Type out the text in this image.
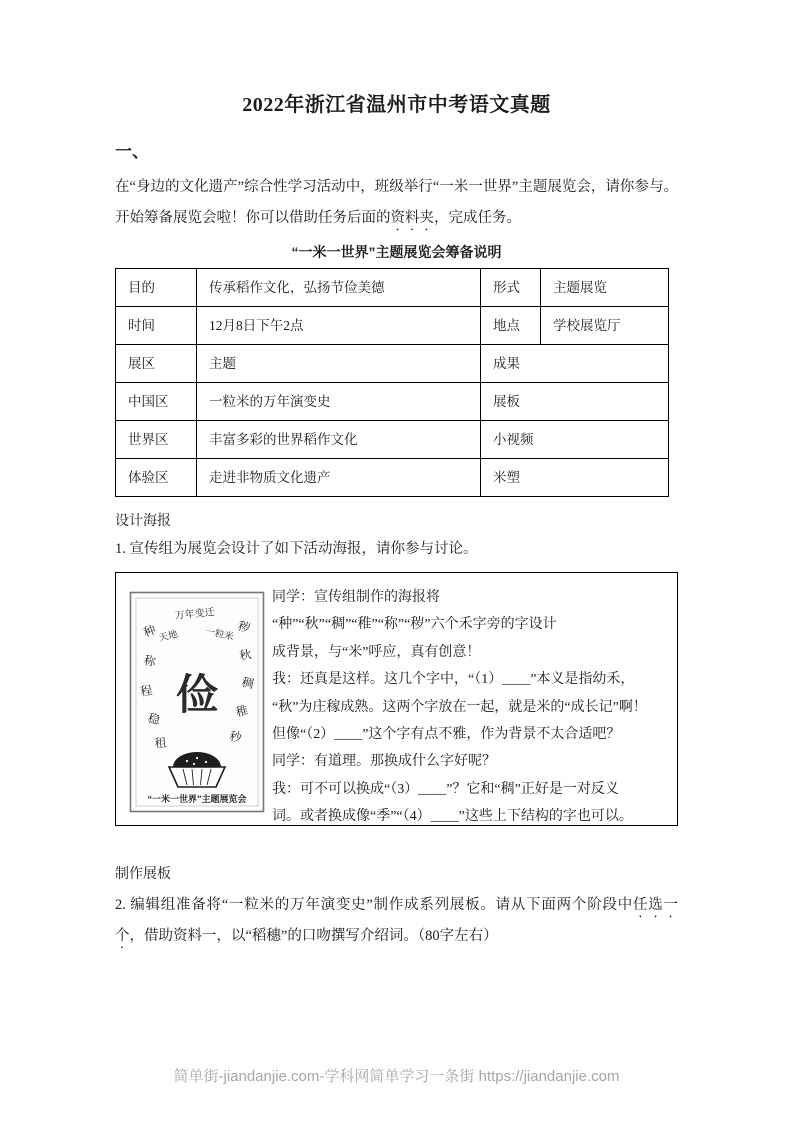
2022年浙江省温州市中考语文真题
一、

在“身边的文化遗产”综合性学习活动中，班级举行“一米一世界”主题展览会，请你参与。开始筹备展览会啦！你可以借助任务后面的资料夹，完成任务。

“一米一世界”主题展览会筹备说明
目的	传承稻作文化，弘扬节俭美德	形式	主题展览
时间	12月8日下午2点	地点	学校展览厅
展区	主题	成果	
中国区	一粒米的万年演变史	展板	
世界区	丰富多彩的世界稻作文化	小视频	
体验区	走进非物质文化遗产	米塑	
设计海报

1. 宣传组为展览会设计了如下活动海报，请你参与讨论。

万年变迁
天地	一粒米
种
称
程
稳
租
秽
秋
稠
稚
秒
俭
“一米一世界”主题展览会
同学：宣传组制作的海报将
“种”“秋”“稠”“稚”“称”“秽”六个禾字旁的字设计
成背景，与“米”呼应，真有创意！
我：还真是这样。这几个字中，“（1）____”本义是指幼禾，
“秋”为庄稼成熟。这两个字放在一起，就是米的“成长记”啊！
但像“（2）____”这个字有点不雅，作为背景不太合适吧？
同学：有道理。那换成什么字好呢？
我：可不可以换成“（3）____”？它和“稠”正好是一对反义
词。或者换成像“季”“（4）____”这些上下结构的字也可以。
制作展板

2. 编辑组准备将“一粒米的万年演变史”制作成系列展板。请从下面两个阶段中任选一个，借助资料一，以“稻穗”的口吻撰写介绍词。（80字左右）

简单街-jiandanjie.com-学科网简单学习一条街 https://jiandanjie.com
